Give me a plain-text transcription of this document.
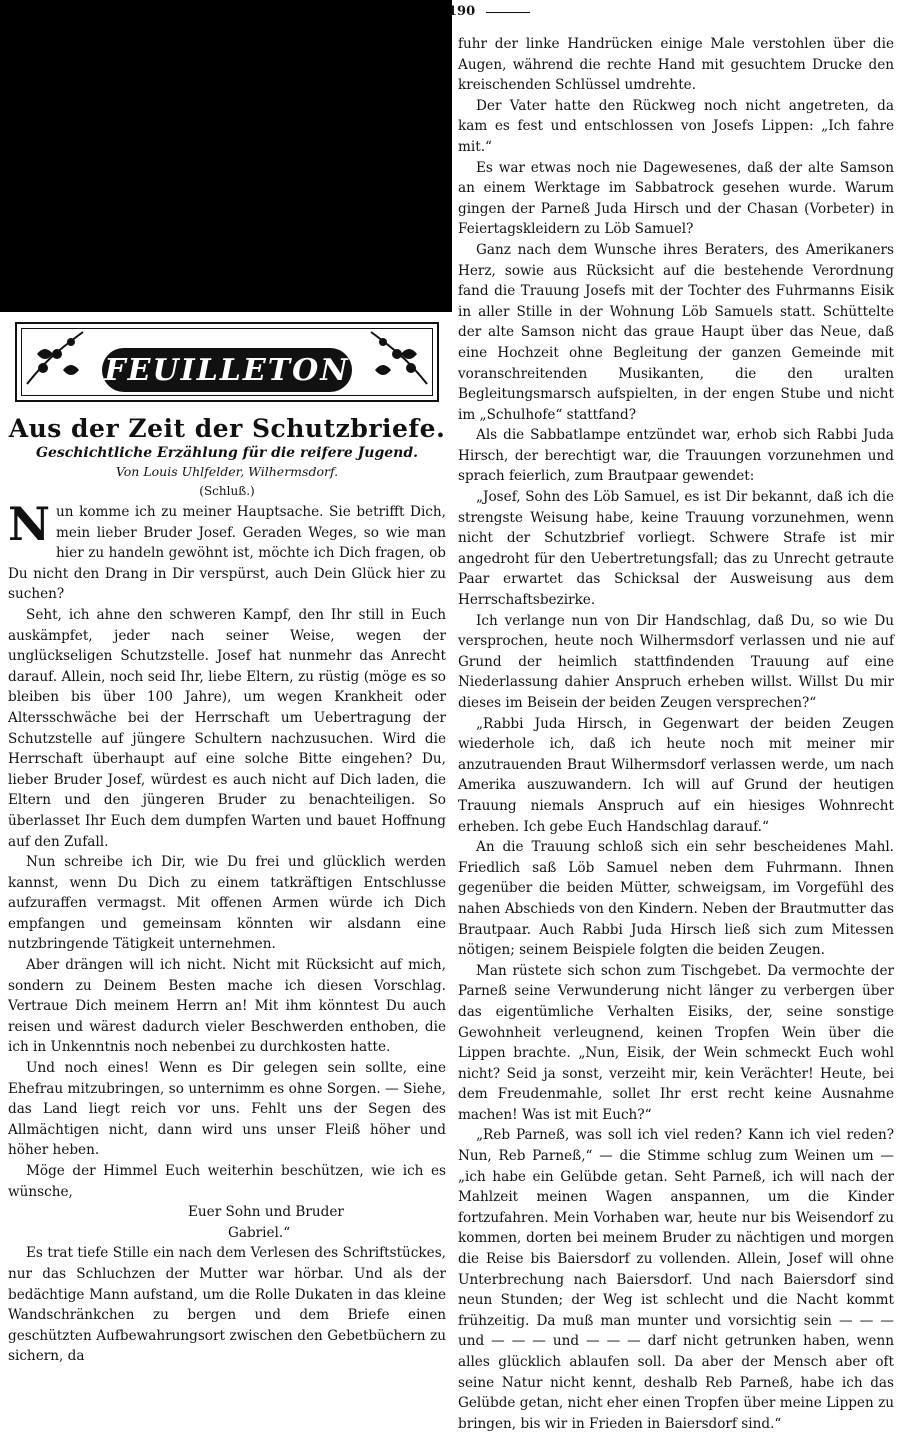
190
FEUILLETON
Aus der Zeit der Schutzbriefe.
Geschichtliche Erzählung für die reifere Jugend.
Von Louis Uhlfelder, Wilhermsdorf.
(Schluß.)

Nun komme ich zu meiner Hauptsache. Sie betrifft Dich, mein lieber Bruder Josef. Geraden Weges, so wie man hier zu handeln gewöhnt ist, möchte ich Dich fragen, ob Du nicht den Drang in Dir verspürst, auch Dein Glück hier zu suchen?

Seht, ich ahne den schweren Kampf, den Ihr still in Euch auskämpfet, jeder nach seiner Weise, wegen der unglückseligen Schutzstelle. Josef hat nunmehr das Anrecht darauf. Allein, noch seid Ihr, liebe Eltern, zu rüstig (möge es so bleiben bis über 100 Jahre), um wegen Krankheit oder Altersschwäche bei der Herrschaft um Uebertragung der Schutzstelle auf jüngere Schultern nachzusuchen. Wird die Herrschaft überhaupt auf eine solche Bitte eingehen? Du, lieber Bruder Josef, würdest es auch nicht auf Dich laden, die Eltern und den jüngeren Bruder zu benachteiligen. So überlasset Ihr Euch dem dumpfen Warten und bauet Hoffnung auf den Zufall.

Nun schreibe ich Dir, wie Du frei und glücklich werden kannst, wenn Du Dich zu einem tatkräftigen Entschlusse aufzuraffen vermagst. Mit offenen Armen würde ich Dich empfangen und gemeinsam könnten wir alsdann eine nutzbringende Tätigkeit unternehmen.

Aber drängen will ich nicht. Nicht mit Rücksicht auf mich, sondern zu Deinem Besten mache ich diesen Vorschlag. Vertraue Dich meinem Herrn an! Mit ihm könntest Du auch reisen und wärest dadurch vieler Beschwerden enthoben, die ich in Unkenntnis noch nebenbei zu durchkosten hatte.

Und noch eines! Wenn es Dir gelegen sein sollte, eine Ehefrau mitzubringen, so unternimm es ohne Sorgen. — Siehe, das Land liegt reich vor uns. Fehlt uns der Segen des Allmächtigen nicht, dann wird uns unser Fleiß höher und höher heben.

Möge der Himmel Euch weiterhin beschützen, wie ich es wünsche,

Euer Sohn und Bruder
Gabriel.“

Es trat tiefe Stille ein nach dem Verlesen des Schriftstückes, nur das Schluchzen der Mutter war hörbar. Und als der bedächtige Mann aufstand, um die Rolle Dukaten in das kleine Wandschränkchen zu bergen und dem Briefe einen geschützten Aufbewahrungsort zwischen den Gebetbüchern zu sichern, da

fuhr der linke Handrücken einige Male verstohlen über die Augen, während die rechte Hand mit gesuchtem Drucke den kreischenden Schlüssel umdrehte.

Der Vater hatte den Rückweg noch nicht angetreten, da kam es fest und entschlossen von Josefs Lippen: „Ich fahre mit.“

Es war etwas noch nie Dagewesenes, daß der alte Samson an einem Werktage im Sabbatrock gesehen wurde. Warum gingen der Parneß Juda Hirsch und der Chasan (Vorbeter) in Feiertagskleidern zu Löb Samuel?

Ganz nach dem Wunsche ihres Beraters, des Amerikaners Herz, sowie aus Rücksicht auf die bestehende Verordnung fand die Trauung Josefs mit der Tochter des Fuhrmanns Eisik in aller Stille in der Wohnung Löb Samuels statt. Schüttelte der alte Samson nicht das graue Haupt über das Neue, daß eine Hochzeit ohne Begleitung der ganzen Gemeinde mit voranschreitenden Musikanten, die den uralten Begleitungsmarsch aufspielten, in der engen Stube und nicht im „Schulhofe“ stattfand?

Als die Sabbatlampe entzündet war, erhob sich Rabbi Juda Hirsch, der berechtigt war, die Trauungen vorzunehmen und sprach feierlich, zum Brautpaar gewendet:

„Josef, Sohn des Löb Samuel, es ist Dir bekannt, daß ich die strengste Weisung habe, keine Trauung vorzunehmen, wenn nicht der Schutzbrief vorliegt. Schwere Strafe ist mir angedroht für den Uebertretungsfall; das zu Unrecht getraute Paar erwartet das Schicksal der Ausweisung aus dem Herrschaftsbezirke.

Ich verlange nun von Dir Handschlag, daß Du, so wie Du versprochen, heute noch Wilhermsdorf verlassen und nie auf Grund der heimlich stattfindenden Trauung auf eine Niederlassung dahier Anspruch erheben willst. Willst Du mir dieses im Beisein der beiden Zeugen versprechen?“

„Rabbi Juda Hirsch, in Gegenwart der beiden Zeugen wiederhole ich, daß ich heute noch mit meiner mir anzutrauenden Braut Wilhermsdorf verlassen werde, um nach Amerika auszuwandern. Ich will auf Grund der heutigen Trauung niemals Anspruch auf ein hiesiges Wohnrecht erheben. Ich gebe Euch Handschlag darauf.“

An die Trauung schloß sich ein sehr bescheidenes Mahl. Friedlich saß Löb Samuel neben dem Fuhrmann. Ihnen gegenüber die beiden Mütter, schweigsam, im Vorgefühl des nahen Abschieds von den Kindern. Neben der Brautmutter das Brautpaar. Auch Rabbi Juda Hirsch ließ sich zum Mitessen nötigen; seinem Beispiele folgten die beiden Zeugen.

Man rüstete sich schon zum Tischgebet. Da vermochte der Parneß seine Verwunderung nicht länger zu verbergen über das eigentümliche Verhalten Eisiks, der, seine sonstige Gewohnheit verleugnend, keinen Tropfen Wein über die Lippen brachte. „Nun, Eisik, der Wein schmeckt Euch wohl nicht? Seid ja sonst, verzeiht mir, kein Verächter! Heute, bei dem Freudenmahle, sollet Ihr erst recht keine Ausnahme machen! Was ist mit Euch?“

„Reb Parneß, was soll ich viel reden? Kann ich viel reden? Nun, Reb Parneß,“ — die Stimme schlug zum Weinen um — „ich habe ein Gelübde getan. Seht Parneß, ich will nach der Mahlzeit meinen Wagen anspannen, um die Kinder fortzufahren. Mein Vorhaben war, heute nur bis Weisendorf zu kommen, dorten bei meinem Bruder zu nächtigen und morgen die Reise bis Baiersdorf zu vollenden. Allein, Josef will ohne Unterbrechung nach Baiersdorf. Und nach Baiersdorf sind neun Stunden; der Weg ist schlecht und die Nacht kommt frühzeitig. Da muß man munter und vorsichtig sein — — — und — — — und — — — darf nicht getrunken haben, wenn alles glücklich ablaufen soll. Da aber der Mensch aber oft seine Natur nicht kennt, deshalb Reb Parneß, habe ich das Gelübde getan, nicht eher einen Tropfen über meine Lippen zu bringen, bis wir in Frieden in Baiersdorf sind.“
